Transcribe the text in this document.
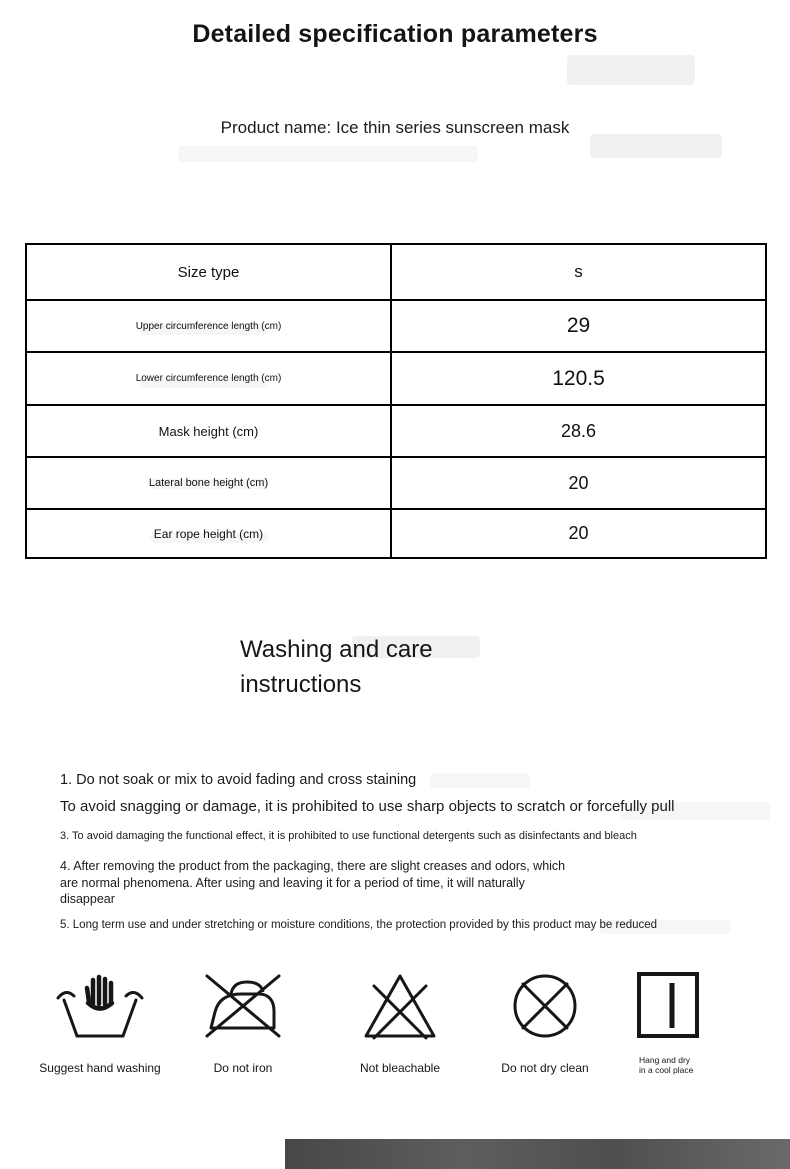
Detailed specification parameters
Product name: Ice thin series sunscreen mask
Size type	s
Upper circumference length (cm)	29
Lower circumference length (cm)	120.5
Mask height (cm)	28.6
Lateral bone height (cm)	20
Ear rope height (cm)	20
Washing and care instructions

1. Do not soak or mix to avoid fading and cross staining

To avoid snagging or damage, it is prohibited to use sharp objects to scratch or forcefully pull

3. To avoid damaging the functional effect, it is prohibited to use functional detergents such as disinfectants and bleach

4. After removing the product from the packaging, there are slight creases and odors, which are normal phenomena. After using and leaving it for a period of time, it will naturally disappear

5. Long term use and under stretching or moisture conditions, the protection provided by this product may be reduced

Suggest hand washing	Do not iron	Not bleachable	Do not dry clean
Hang and dry in a cool place
